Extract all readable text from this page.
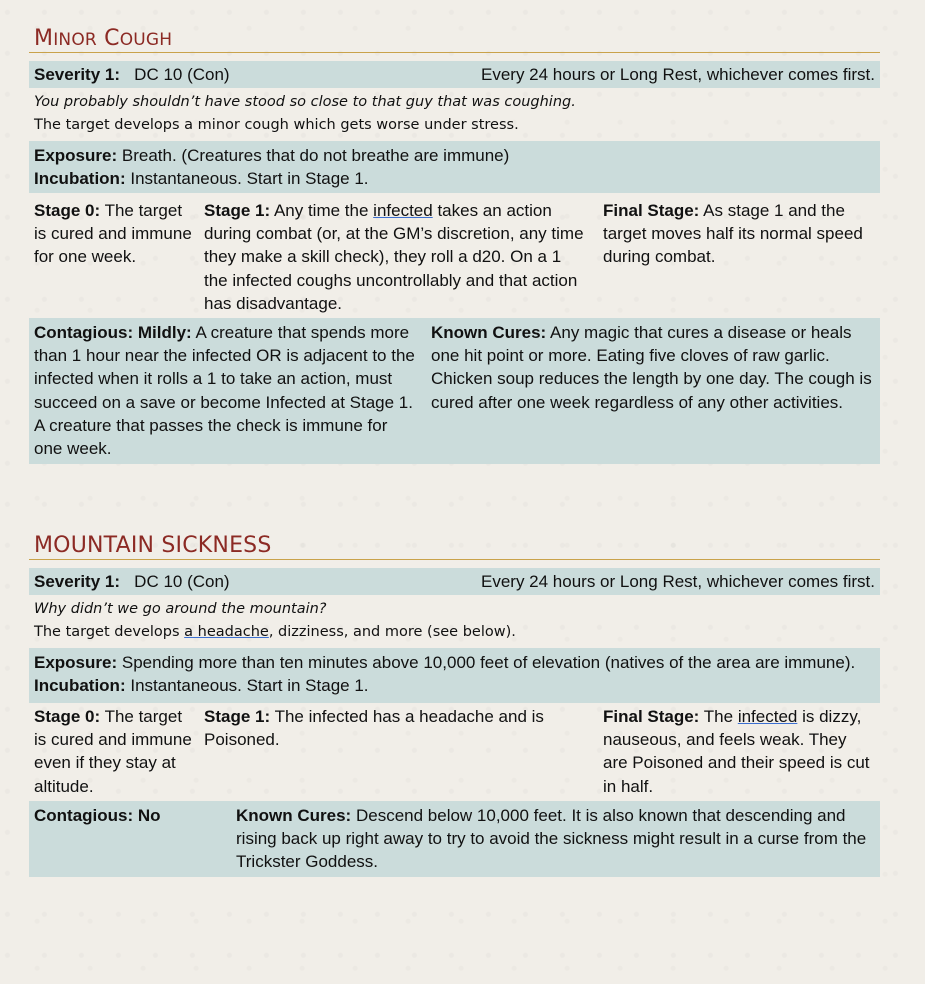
MINOR COUGH
Severity 1: DC 10 (Con)	Every 24 hours or Long Rest, whichever comes first.
You probably shouldn’t have stood so close to that guy that was coughing.
The target develops a minor cough which gets worse under stress.
Exposure: Breath. (Creatures that do not breathe are immune)
Incubation: Instantaneous. Start in Stage 1.
Stage 0: The target is cured and immune for one week.
Stage 1: Any time the infected takes an action during combat (or, at the GM’s discretion, any time they make a skill check), they roll a d20. On a 1 the infected coughs uncontrollably and that action has disadvantage.
Final Stage: As stage 1 and the target moves half its normal speed during combat.
Contagious: Mildly: A creature that spends more than 1 hour near the infected OR is adjacent to the infected when it rolls a 1 to take an action, must succeed on a save or become Infected at Stage 1. A creature that passes the check is immune for one week.
Known Cures: Any magic that cures a disease or heals one hit point or more. Eating five cloves of raw garlic. Chicken soup reduces the length by one day. The cough is cured after one week regardless of any other activities.
MOUNTAIN SICKNESS
Severity 1: DC 10 (Con)	Every 24 hours or Long Rest, whichever comes first.
Why didn’t we go around the mountain?
The target develops a headache, dizziness, and more (see below).
Exposure: Spending more than ten minutes above 10,000 feet of elevation (natives of the area are immune).
Incubation: Instantaneous. Start in Stage 1.
Stage 0: The target is cured and immune even if they stay at altitude.
Stage 1: The infected has a headache and is Poisoned.
Final Stage: The infected is dizzy, nauseous, and feels weak. They are Poisoned and their speed is cut in half.
Contagious: No	Known Cures: Descend below 10,000 feet. It is also known that descending and rising back up right away to try to avoid the sickness might result in a curse from the Trickster Goddess.
